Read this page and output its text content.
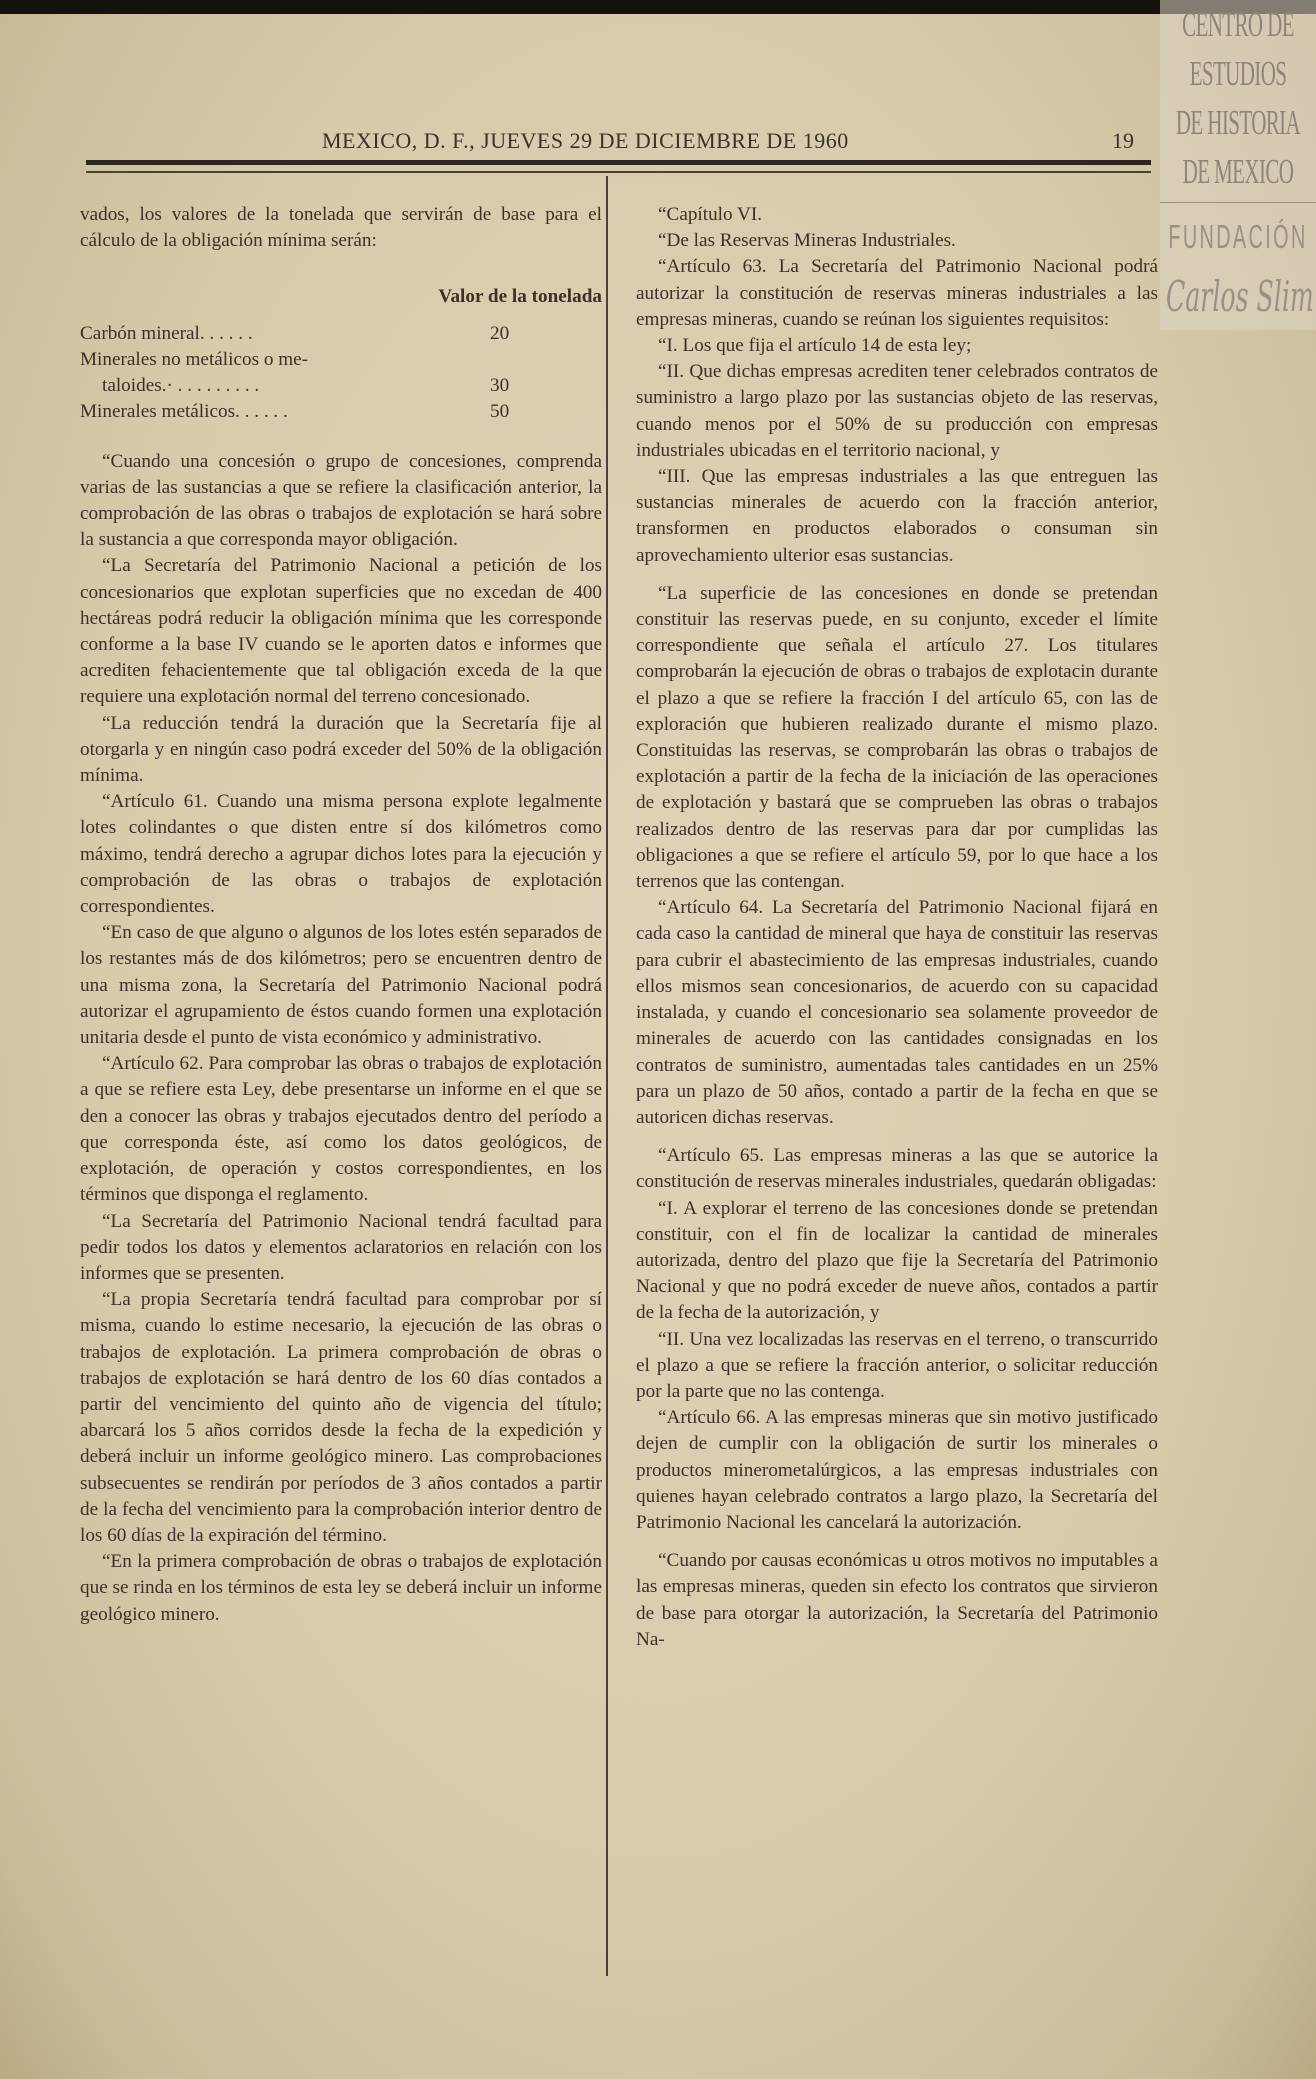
MEXICO, D. F., JUEVES 29 DE DICIEMBRE DE 1960	19

vados, los valores de la tonelada que servirán de base para el cálculo de la obligación mínima serán:

Valor de la tonelada
Carbón mineral. . . . . .	20
Minerales no metálicos o me-
taloides.· . . . . . . . . .	30
Minerales metálicos. . . . . .	50

“Cuando una concesión o grupo de concesiones, comprenda varias de las sustancias a que se refiere la clasificación anterior, la comprobación de las obras o trabajos de explotación se hará sobre la sustancia a que corresponda mayor obligación.

“La Secretaría del Patrimonio Nacional a petición de los concesionarios que explotan superficies que no excedan de 400 hectáreas podrá reducir la obligación mínima que les corresponde conforme a la base IV cuando se le aporten datos e informes que acrediten fehacientemente que tal obligación exceda de la que requiere una explotación normal del terreno concesionado.

“La reducción tendrá la duración que la Secretaría fije al otorgarla y en ningún caso podrá exceder del 50% de la obligación mínima.

“Artículo 61. Cuando una misma persona explote legalmente lotes colindantes o que disten entre sí dos kilómetros como máximo, tendrá derecho a agrupar dichos lotes para la ejecución y comprobación de las obras o trabajos de explotación correspondientes.

“En caso de que alguno o algunos de los lotes estén separados de los restantes más de dos kilómetros; pero se encuentren dentro de una misma zona, la Secretaría del Patrimonio Nacional podrá autorizar el agrupamiento de éstos cuando formen una explotación unitaria desde el punto de vista económico y administrativo.

“Artículo 62. Para comprobar las obras o trabajos de explotación a que se refiere esta Ley, debe presentarse un informe en el que se den a conocer las obras y trabajos ejecutados dentro del período a que corresponda éste, así como los datos geológicos, de explotación, de operación y costos correspondientes, en los términos que disponga el reglamento.

“La Secretaría del Patrimonio Nacional tendrá facultad para pedir todos los datos y elementos aclaratorios en relación con los informes que se presenten.

“La propia Secretaría tendrá facultad para comprobar por sí misma, cuando lo estime necesario, la ejecución de las obras o trabajos de explotación. La primera comprobación de obras o trabajos de explotación se hará dentro de los 60 días contados a partir del vencimiento del quinto año de vigencia del título; abarcará los 5 años corridos desde la fecha de la expedición y deberá incluir un informe geológico minero. Las comprobaciones subsecuentes se rendirán por períodos de 3 años contados a partir de la fecha del vencimiento para la comprobación interior dentro de los 60 días de la expiración del término.

“En la primera comprobación de obras o trabajos de explotación que se rinda en los términos de esta ley se deberá incluir un informe geológico minero.

“Capítulo VI.

“De las Reservas Mineras Industriales.

“Artículo 63. La Secretaría del Patrimonio Nacional podrá autorizar la constitución de reservas mineras industriales a las empresas mineras, cuando se reúnan los siguientes requisitos:

“I. Los que fija el artículo 14 de esta ley;

“II. Que dichas empresas acrediten tener celebrados contratos de suministro a largo plazo por las sustancias objeto de las reservas, cuando menos por el 50% de su producción con empresas industriales ubicadas en el territorio nacional, y

“III. Que las empresas industriales a las que entreguen las sustancias minerales de acuerdo con la fracción anterior, transformen en productos elaborados o consuman sin aprovechamiento ulterior esas sustancias.

“La superficie de las concesiones en donde se pretendan constituir las reservas puede, en su conjunto, exceder el límite correspondiente que señala el artículo 27. Los titulares comprobarán la ejecución de obras o trabajos de explotacin durante el plazo a que se refiere la fracción I del artículo 65, con las de exploración que hubieren realizado durante el mismo plazo. Constituidas las reservas, se comprobarán las obras o trabajos de explotación a partir de la fecha de la iniciación de las operaciones de explotación y bastará que se comprueben las obras o trabajos realizados dentro de las reservas para dar por cumplidas las obligaciones a que se refiere el artículo 59, por lo que hace a los terrenos que las contengan.

“Artículo 64. La Secretaría del Patrimonio Nacional fijará en cada caso la cantidad de mineral que haya de constituir las reservas para cubrir el abastecimiento de las empresas industriales, cuando ellos mismos sean concesionarios, de acuerdo con su capacidad instalada, y cuando el concesionario sea solamente proveedor de minerales de acuerdo con las cantidades consignadas en los contratos de suministro, aumentadas tales cantidades en un 25% para un plazo de 50 años, contado a partir de la fecha en que se autoricen dichas reservas.

“Artículo 65. Las empresas mineras a las que se autorice la constitución de reservas minerales industriales, quedarán obligadas:

“I. A explorar el terreno de las concesiones donde se pretendan constituir, con el fin de localizar la cantidad de minerales autorizada, dentro del plazo que fije la Secretaría del Patrimonio Nacional y que no podrá exceder de nueve años, contados a partir de la fecha de la autorización, y

“II. Una vez localizadas las reservas en el terreno, o transcurrido el plazo a que se refiere la fracción anterior, o solicitar reducción por la parte que no las contenga.

“Artículo 66. A las empresas mineras que sin motivo justificado dejen de cumplir con la obligación de surtir los minerales o productos minerometalúrgicos, a las empresas industriales con quienes hayan celebrado contratos a largo plazo, la Secretaría del Patrimonio Nacional les cancelará la autorización.

“Cuando por causas económicas u otros motivos no imputables a las empresas mineras, queden sin efecto los contratos que sirvieron de base para otorgar la autorización, la Secretaría del Patrimonio Na-

CENTRO DE
ESTUDIOS
DE HISTORIA
DE MEXICO
FUNDACIÓN
Carlos Slim
